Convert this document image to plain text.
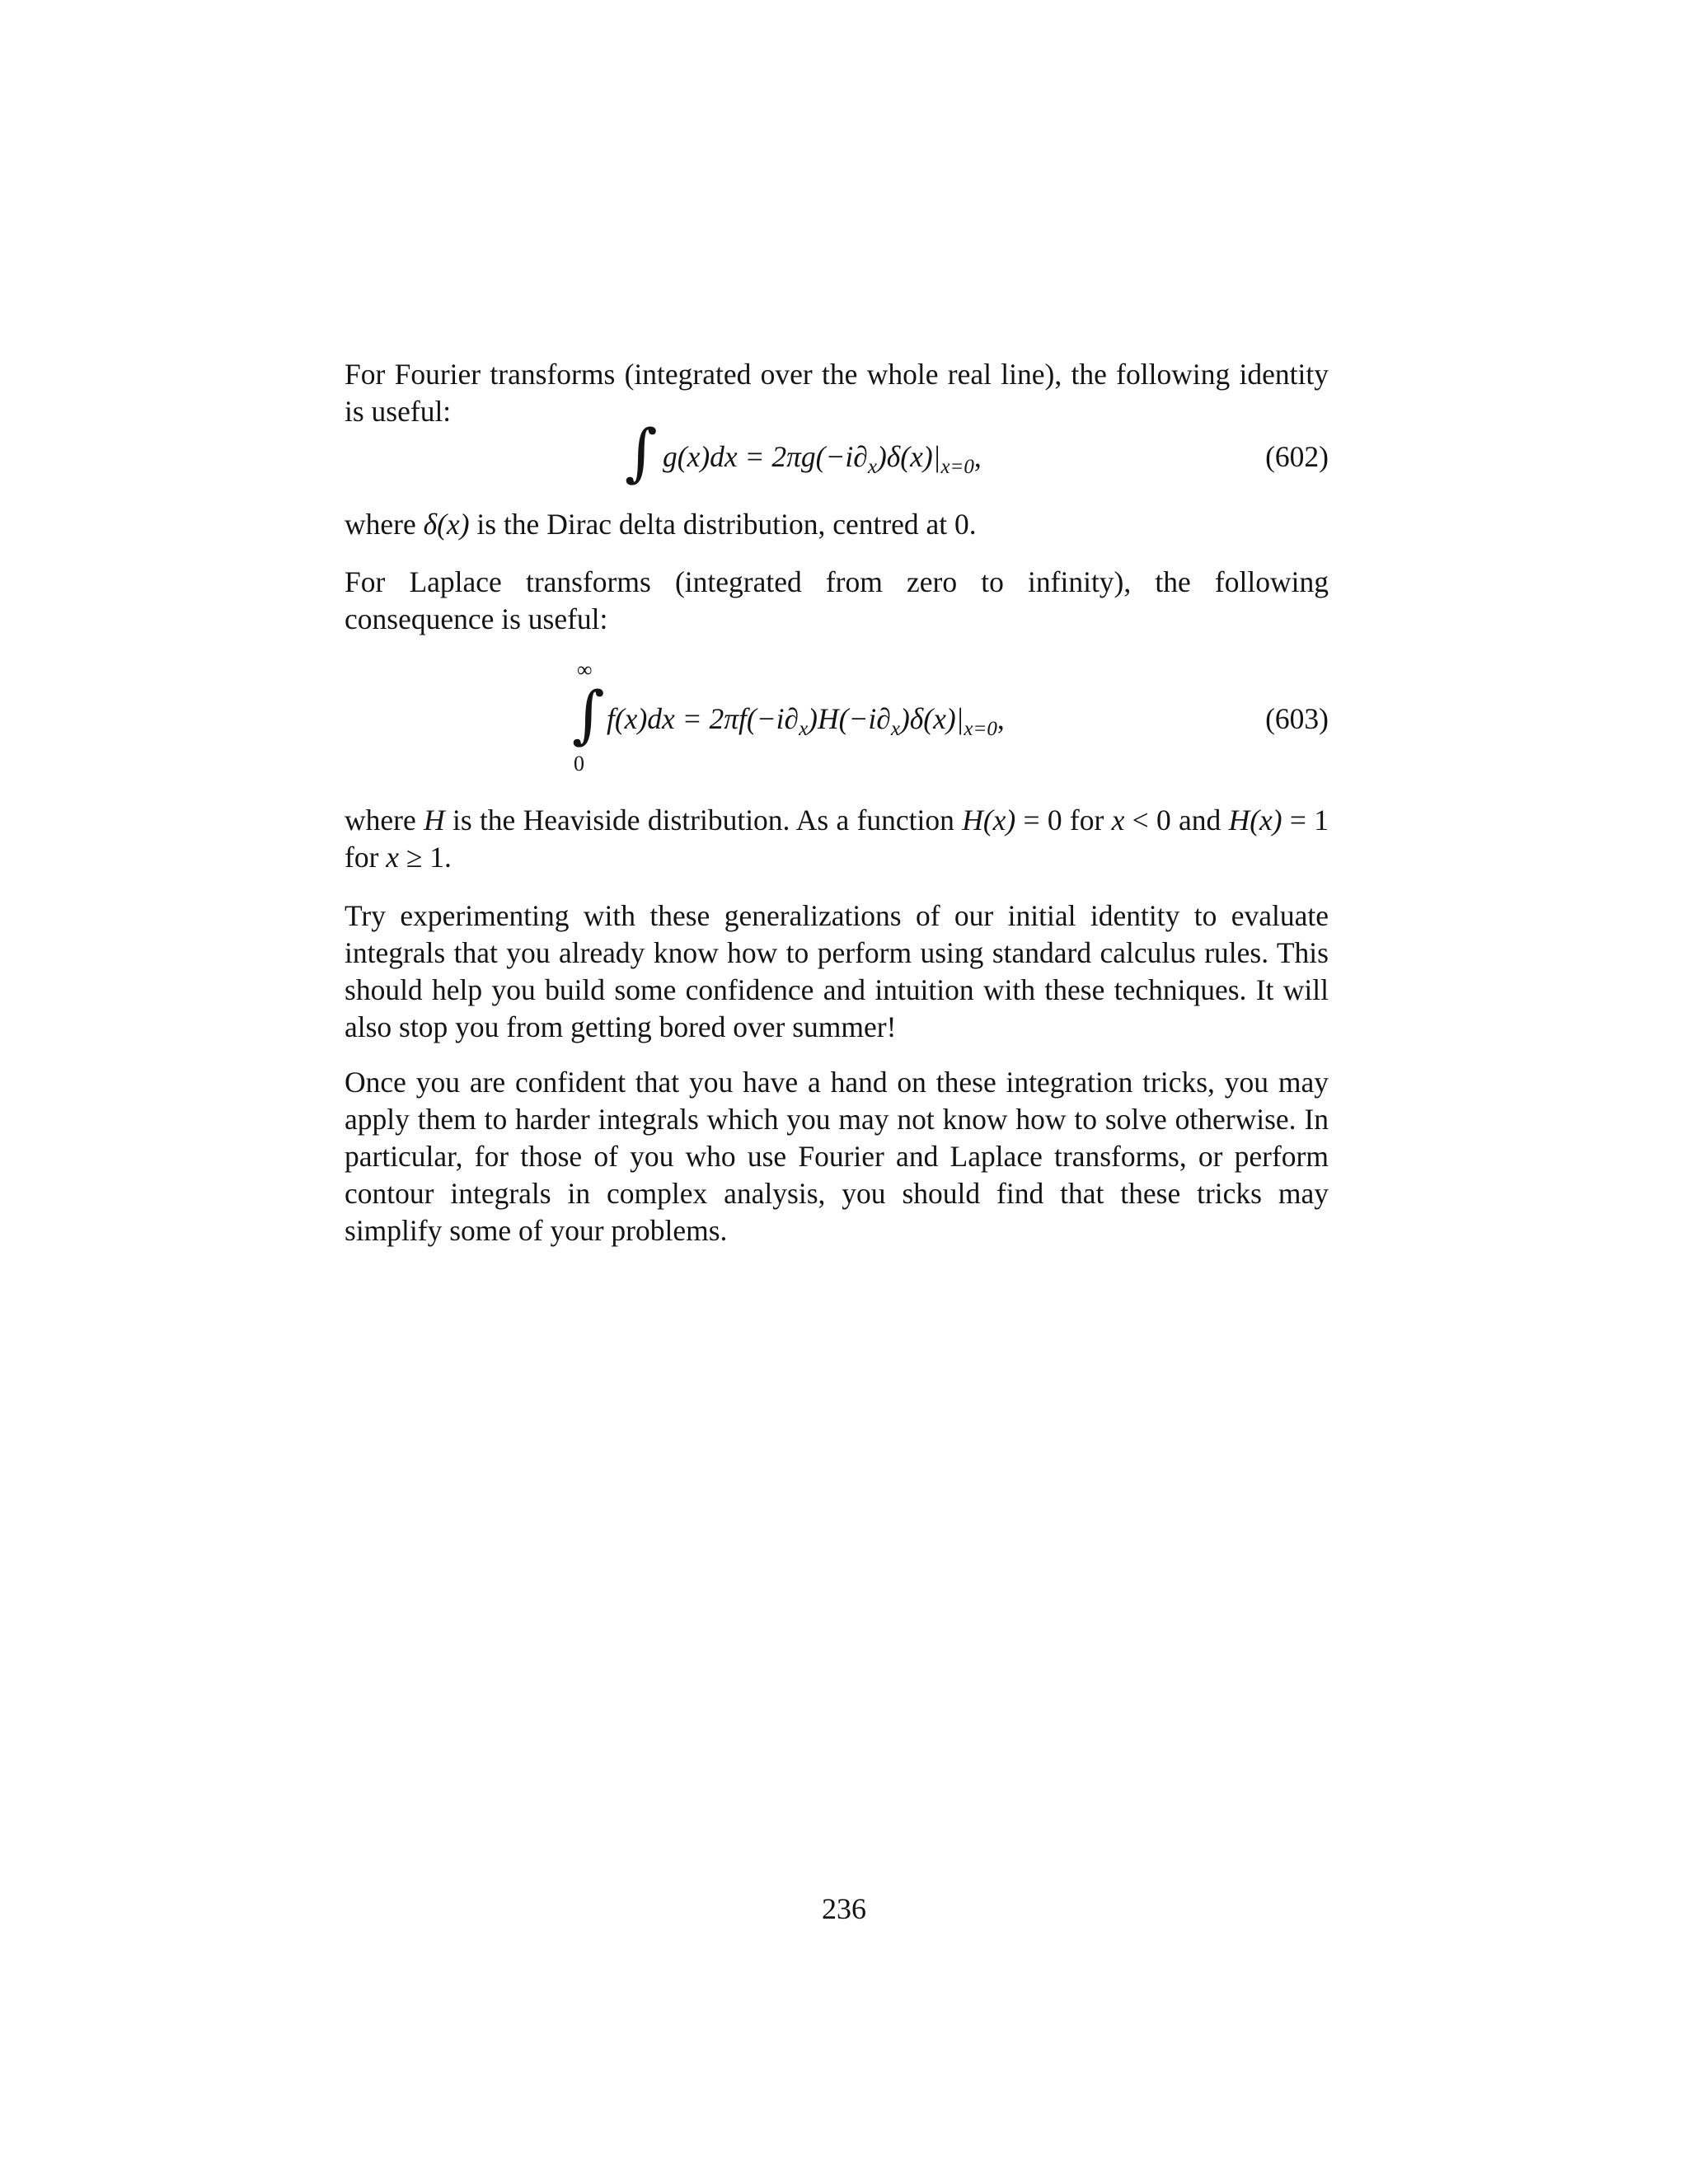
For Fourier transforms (integrated over the whole real line), the following identity is useful:

∫ $g(x)dx = 2\pi g(-i\partial_x)\delta(x)|_{x=0}$,	(602)

where δ(x) is the Dirac delta distribution, centred at 0.

For Laplace transforms (integrated from zero to infinity), the following consequence is useful:

∞
∫
0
$f(x)dx = 2\pi f(-i\partial_x)H(-i\partial_x)\delta(x)|_{x=0}$,	(603)

where H is the Heaviside distribution. As a function H(x) = 0 for x < 0 and H(x) = 1 for x ≥ 1.

Try experimenting with these generalizations of our initial identity to evaluate integrals that you already know how to perform using standard calculus rules. This should help you build some confidence and intuition with these techniques. It will also stop you from getting bored over summer!

Once you are confident that you have a hand on these integration tricks, you may apply them to harder integrals which you may not know how to solve otherwise. In particular, for those of you who use Fourier and Laplace transforms, or perform contour integrals in complex analysis, you should find that these tricks may simplify some of your problems.

236
